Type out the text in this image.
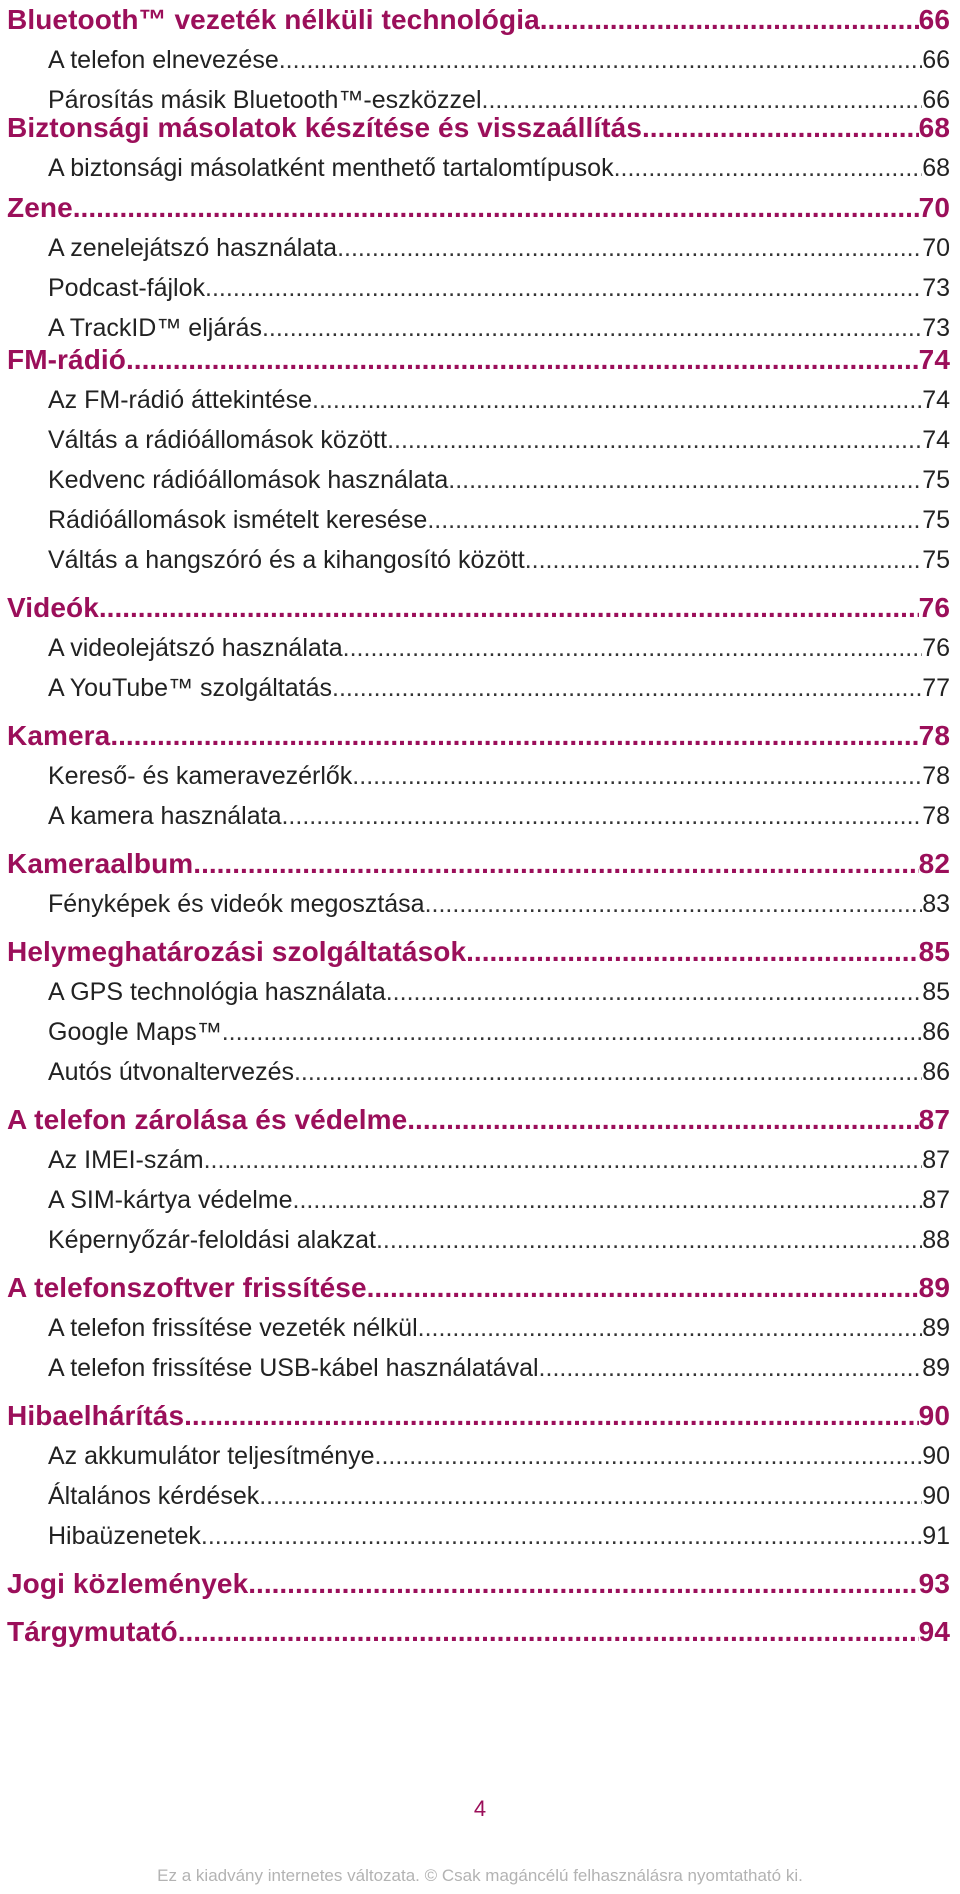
Bluetooth™ vezeték nélküli technológia .....	66
A telefon elnevezése .....	66
Párosítás másik Bluetooth™-eszközzel .....	66
Biztonsági másolatok készítése és visszaállítás .....	68
A biztonsági másolatként menthető tartalomtípusok .....	68
Zene .....	70
A zenelejátszó használata .....	70
Podcast-fájlok .....	73
A TrackID™ eljárás .....	73
FM-rádió .....	74
Az FM-rádió áttekintése .....	74
Váltás a rádióállomások között .....	74
Kedvenc rádióállomások használata .....	75
Rádióállomások ismételt keresése .....	75
Váltás a hangszóró és a kihangosító között .....	75
Videók .....	76
A videolejátszó használata .....	76
A YouTube™ szolgáltatás .....	77
Kamera .....	78
Kereső- és kameravezérlők .....	78
A kamera használata .....	78
Kameraalbum .....	82
Fényképek és videók megosztása .....	83
Helymeghatározási szolgáltatások .....	85
A GPS technológia használata .....	85
Google Maps™ .....	86
Autós útvonaltervezés .....	86
A telefon zárolása és védelme .....	87
Az IMEI-szám .....	87
A SIM-kártya védelme .....	87
Képernyőzár-feloldási alakzat .....	88
A telefonszoftver frissítése .....	89
A telefon frissítése vezeték nélkül .....	89
A telefon frissítése USB-kábel használatával .....	89
Hibaelhárítás .....	90
Az akkumulátor teljesítménye .....	90
Általános kérdések .....	90
Hibaüzenetek .....	91
Jogi közlemények .....	93
Tárgymutató .....	94
4
Ez a kiadvány internetes változata. © Csak magáncélú felhasználásra nyomtatható ki.
